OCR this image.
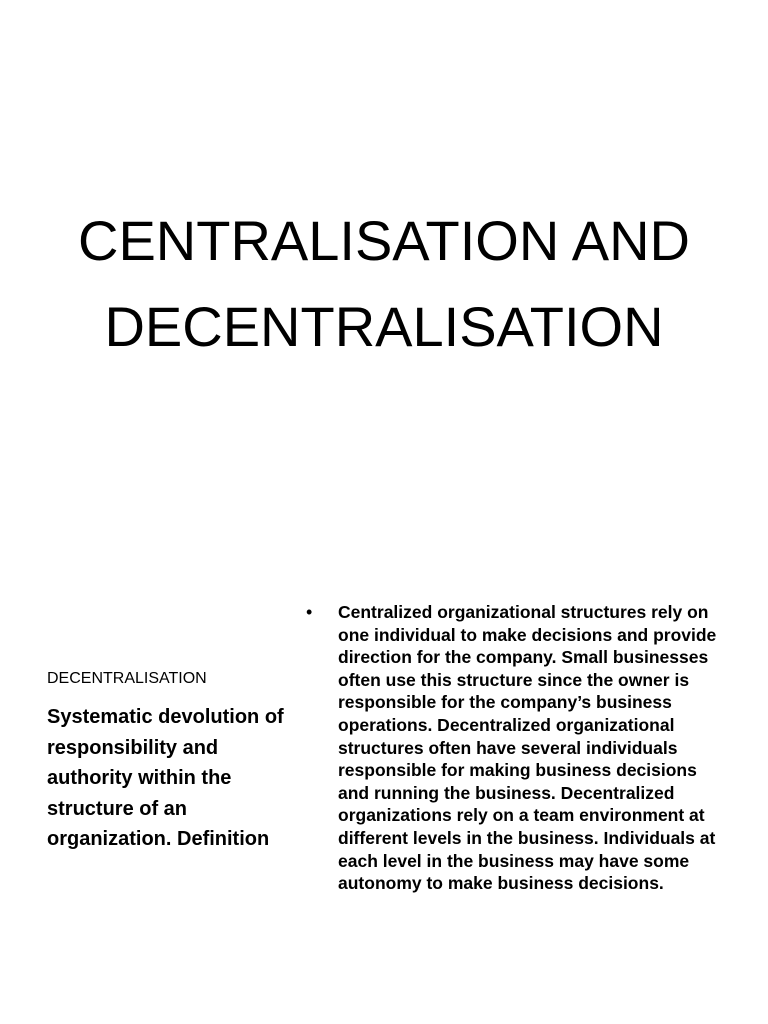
CENTRALISATION AND
DECENTRALISATION
DECENTRALISATION
Systematic devolution of responsibility and authority within the structure of an organization. Definition
• Centralized organizational structures rely on one individual to make decisions and provide direction for the company. Small businesses often use this structure since the owner is responsible for the company’s business operations. Decentralized organizational structures often have several individuals responsible for making business decisions and running the business. Decentralized organizations rely on a team environment at different levels in the business. Individuals at each level in the business may have some autonomy to make business decisions.
